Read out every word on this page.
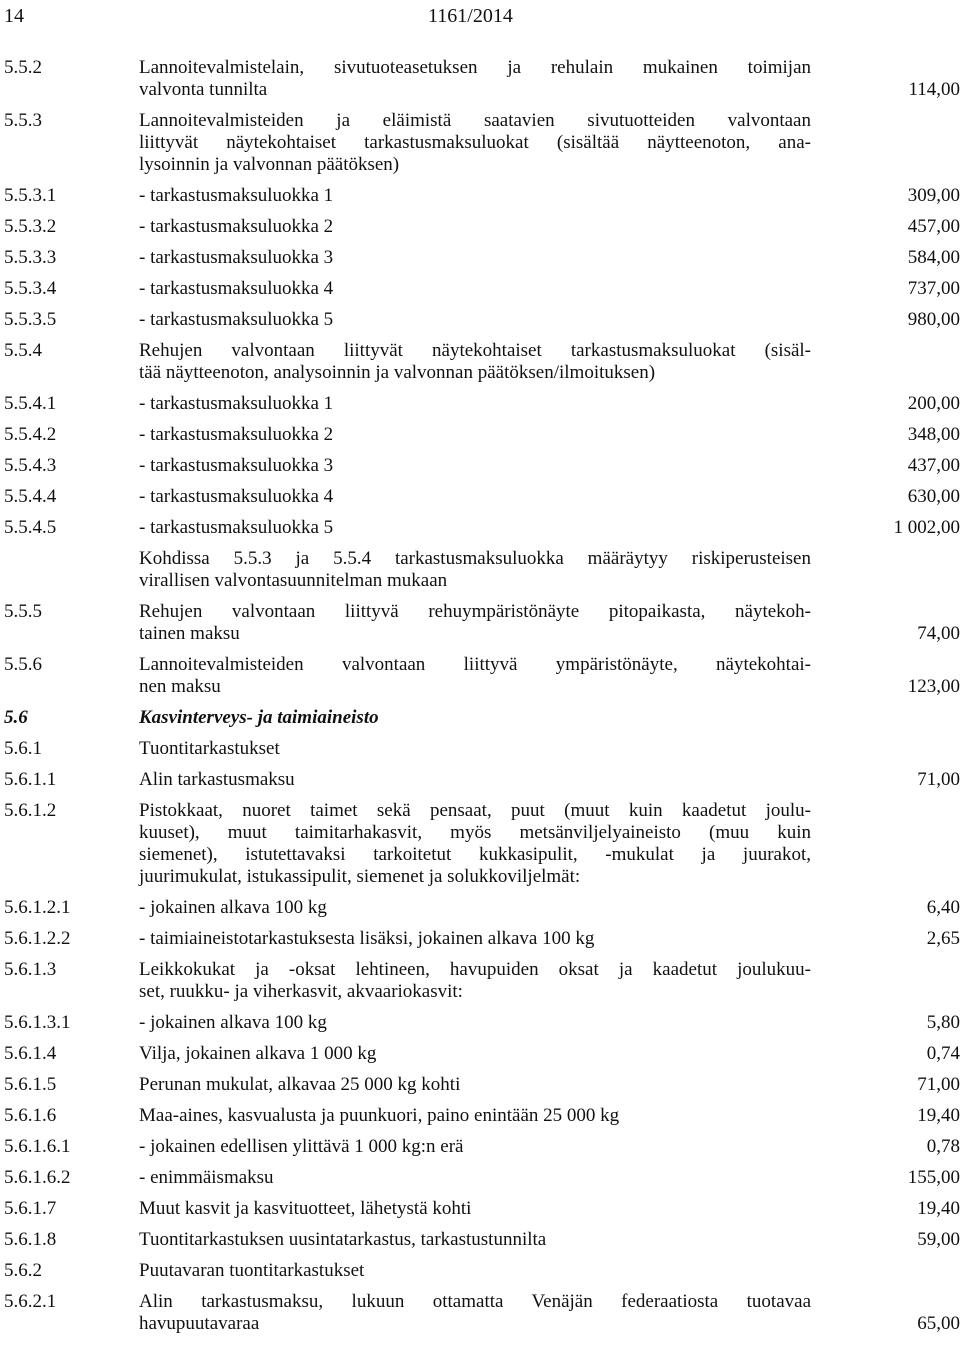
14	1161/2014
5.5.2	Lannoitevalmistelain, sivutuoteasetuksen ja rehulain mukainen toimijan
valvonta tunnilta	114,00
5.5.3	Lannoitevalmisteiden ja eläimistä saatavien sivutuotteiden valvontaan
liittyvät näytekohtaiset tarkastusmaksuluokat (sisältää näytteenoton, ana-
lysoinnin ja valvonnan päätöksen)
5.5.3.1	- tarkastusmaksuluokka 1	309,00
5.5.3.2	- tarkastusmaksuluokka 2	457,00
5.5.3.3	- tarkastusmaksuluokka 3	584,00
5.5.3.4	- tarkastusmaksuluokka 4	737,00
5.5.3.5	- tarkastusmaksuluokka 5	980,00
5.5.4	Rehujen valvontaan liittyvät näytekohtaiset tarkastusmaksuluokat (sisäl-
tää näytteenoton, analysoinnin ja valvonnan päätöksen/ilmoituksen)
5.5.4.1	- tarkastusmaksuluokka 1	200,00
5.5.4.2	- tarkastusmaksuluokka 2	348,00
5.5.4.3	- tarkastusmaksuluokka 3	437,00
5.5.4.4	- tarkastusmaksuluokka 4	630,00
5.5.4.5	- tarkastusmaksuluokka 5	1 002,00
Kohdissa 5.5.3 ja 5.5.4 tarkastusmaksuluokka määräytyy riskiperusteisen
virallisen valvontasuunnitelman mukaan
5.5.5	Rehujen valvontaan liittyvä rehuympäristönäyte pitopaikasta, näytekoh-
tainen maksu	74,00
5.5.6	Lannoitevalmisteiden valvontaan liittyvä ympäristönäyte, näytekohtai-
nen maksu	123,00
5.6	Kasvinterveys- ja taimiaineisto
5.6.1	Tuontitarkastukset
5.6.1.1	Alin tarkastusmaksu	71,00
5.6.1.2	Pistokkaat, nuoret taimet sekä pensaat, puut (muut kuin kaadetut joulu-
kuuset), muut taimitarhakasvit, myös metsänviljelyaineisto (muu kuin
siemenet), istutettavaksi tarkoitetut kukkasipulit, -mukulat ja juurakot,
juurimukulat, istukassipulit, siemenet ja solukkoviljelmät:
5.6.1.2.1	- jokainen alkava 100 kg	6,40
5.6.1.2.2	- taimiaineistotarkastuksesta lisäksi, jokainen alkava 100 kg	2,65
5.6.1.3	Leikkokukat ja -oksat lehtineen, havupuiden oksat ja kaadetut joulukuu-
set, ruukku- ja viherkasvit, akvaariokasvit:
5.6.1.3.1	- jokainen alkava 100 kg	5,80
5.6.1.4	Vilja, jokainen alkava 1 000 kg	0,74
5.6.1.5	Perunan mukulat, alkavaa 25 000 kg kohti	71,00
5.6.1.6	Maa-aines, kasvualusta ja puunkuori, paino enintään 25 000 kg	19,40
5.6.1.6.1	- jokainen edellisen ylittävä 1 000 kg:n erä	0,78
5.6.1.6.2	- enimmäismaksu	155,00
5.6.1.7	Muut kasvit ja kasvituotteet, lähetystä kohti	19,40
5.6.1.8	Tuontitarkastuksen uusintatarkastus, tarkastustunnilta	59,00
5.6.2	Puutavaran tuontitarkastukset
5.6.2.1	Alin tarkastusmaksu, lukuun ottamatta Venäjän federaatiosta tuotavaa
havupuutavaraa	65,00
